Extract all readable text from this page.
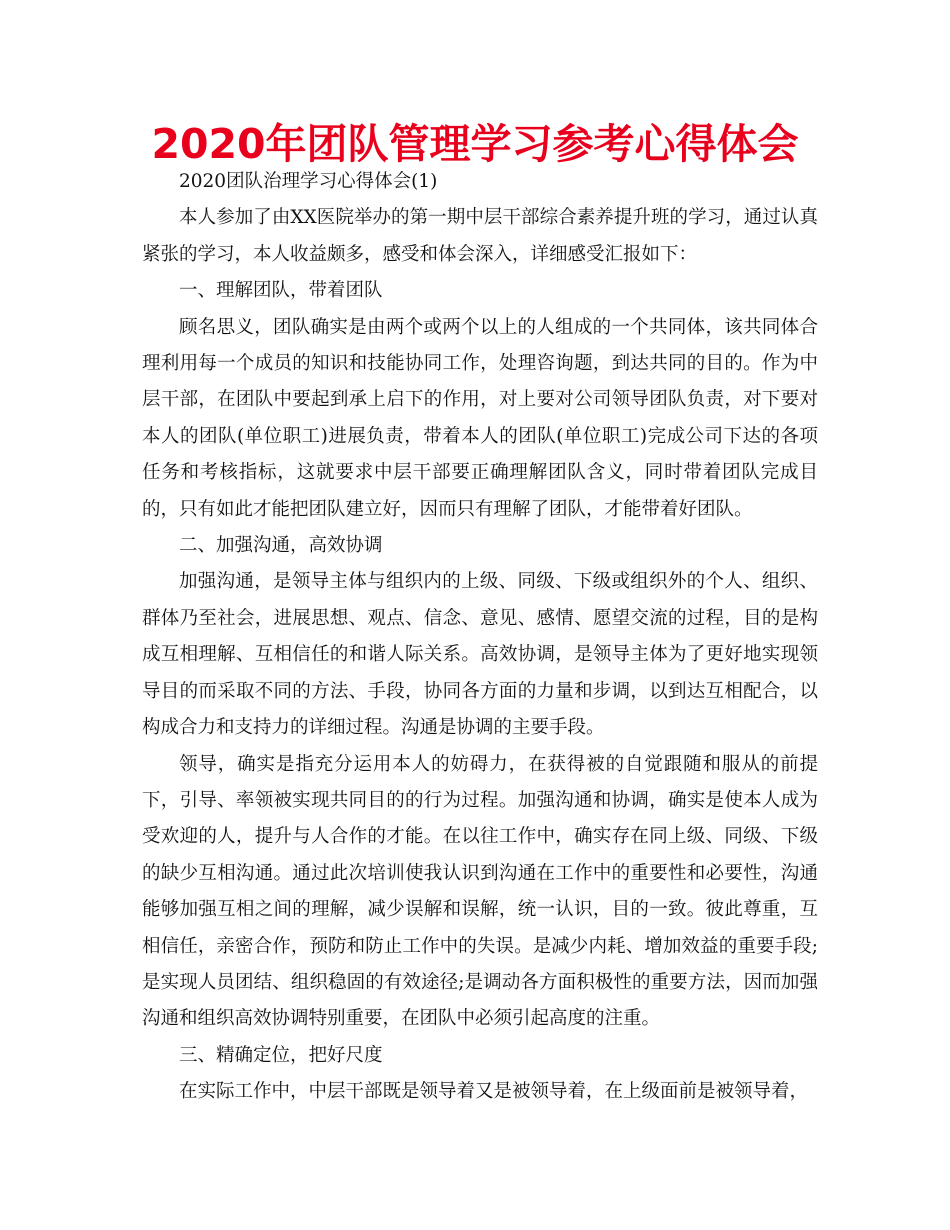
2020年团队管理学习参考心得体会

2020团队治理学习心得体会(1)

本人参加了由XX医院举办的第一期中层干部综合素养提升班的学习，通过认真紧张的学习，本人收益颇多，感受和体会深入，详细感受汇报如下：

一、理解团队，带着团队

顾名思义，团队确实是由两个或两个以上的人组成的一个共同体，该共同体合理利用每一个成员的知识和技能协同工作，处理咨询题，到达共同的目的。作为中层干部，在团队中要起到承上启下的作用，对上要对公司领导团队负责，对下要对本人的团队(单位职工)进展负责，带着本人的团队(单位职工)完成公司下达的各项任务和考核指标，这就要求中层干部要正确理解团队含义，同时带着团队完成目的，只有如此才能把团队建立好，因而只有理解了团队，才能带着好团队。

二、加强沟通，高效协调

加强沟通，是领导主体与组织内的上级、同级、下级或组织外的个人、组织、群体乃至社会，进展思想、观点、信念、意见、感情、愿望交流的过程，目的是构成互相理解、互相信任的和谐人际关系。高效协调，是领导主体为了更好地实现领导目的而采取不同的方法、手段，协同各方面的力量和步调，以到达互相配合，以构成合力和支持力的详细过程。沟通是协调的主要手段。

领导，确实是指充分运用本人的妨碍力，在获得被的自觉跟随和服从的前提下，引导、率领被实现共同目的的行为过程。加强沟通和协调，确实是使本人成为受欢迎的人，提升与人合作的才能。在以往工作中，确实存在同上级、同级、下级的缺少互相沟通。通过此次培训使我认识到沟通在工作中的重要性和必要性，沟通能够加强互相之间的理解，减少误解和误解，统一认识，目的一致。彼此尊重，互相信任，亲密合作，预防和防止工作中的失误。是减少内耗、增加效益的重要手段;是实现人员团结、组织稳固的有效途径;是调动各方面积极性的重要方法，因而加强沟通和组织高效协调特别重要，在团队中必须引起高度的注重。

三、精确定位，把好尺度

在实际工作中，中层干部既是领导着又是被领导着，在上级面前是被领导着，
